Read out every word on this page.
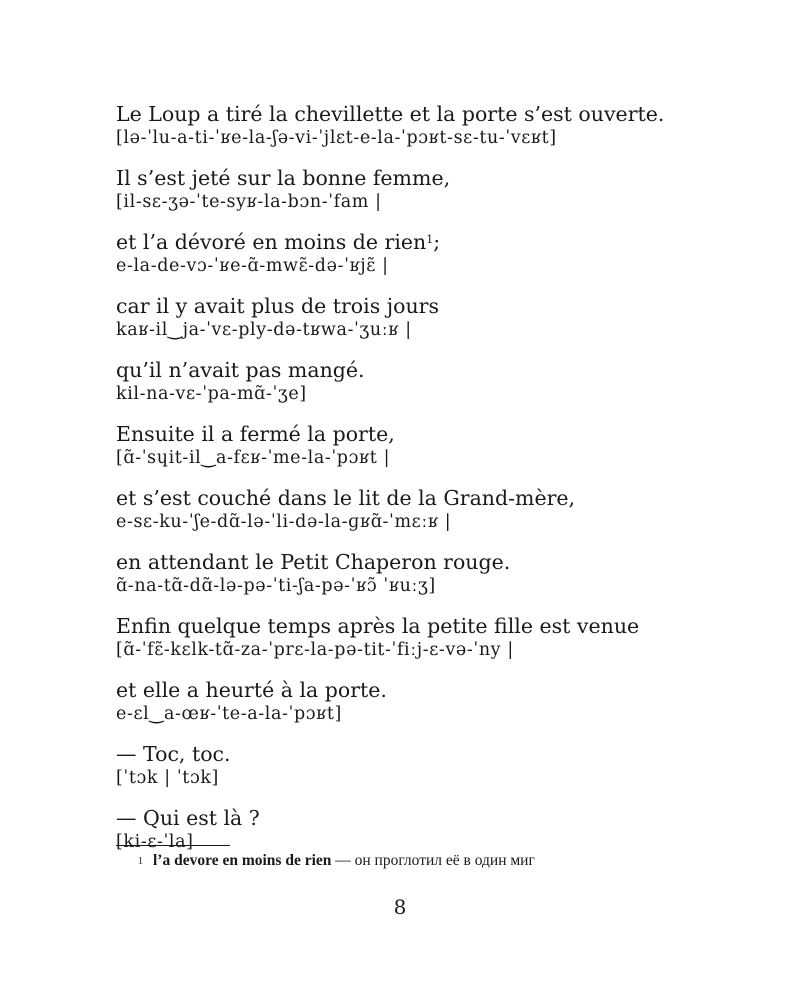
Le Loup a tiré la chevillette et la porte s’est ouverte.
[lə-ˈlu-a-ti-ˈʁe-la-ʃə-vi-ˈjlɛt-e-la-ˈpɔʁt-sɛ-tu-ˈvɛʁt]
Il s’est jeté sur la bonne femme,
[il-sɛ-ʒə-ˈte-syʁ-la-bɔn-ˈfam |
et l’a dévoré en moins de rien$^1$;
e-la-de-vɔ-ˈʁe-ɑ̃-mwɛ̃-də-ˈʁjɛ̃ |
car il y avait plus de trois jours
kaʁ-il‿ja-ˈvɛ-ply-də-tʁwa-ˈʒuːʁ |
qu’il n’avait pas mangé.
kil-na-vɛ-ˈpa-mɑ̃-ˈʒe]
Ensuite il a fermé la porte,
[ɑ̃-ˈsɥit-il‿a-fɛʁ-ˈme-la-ˈpɔʁt |
et s’est couché dans le lit de la Grand-mère,
e-sɛ-ku-ˈʃe-dɑ̃-lə-ˈli-də-la-ɡʁɑ̃-ˈmɛːʁ |
en attendant le Petit Chaperon rouge.
ɑ̃-na-tɑ̃-dɑ̃-lə-pə-ˈti-ʃa-pə-ˈʁɔ̃ ˈʁuːʒ]
Enfin quelque temps après la petite fille est venue
[ɑ̃-ˈfɛ̃-kɛlk-tɑ̃-za-ˈprɛ-la-pə-tit-ˈfiːj-ɛ-və-ˈny |
et elle a heurté à la porte.
e-ɛl‿a-œʁ-ˈte-a-la-ˈpɔʁt]
— Toc, toc.
[ˈtɔk | ˈtɔk]
— Qui est là ?
[ki-ɛ-ˈla]
$^1$ l’a devore en moins de rien — он проглотил её в один миг
8
